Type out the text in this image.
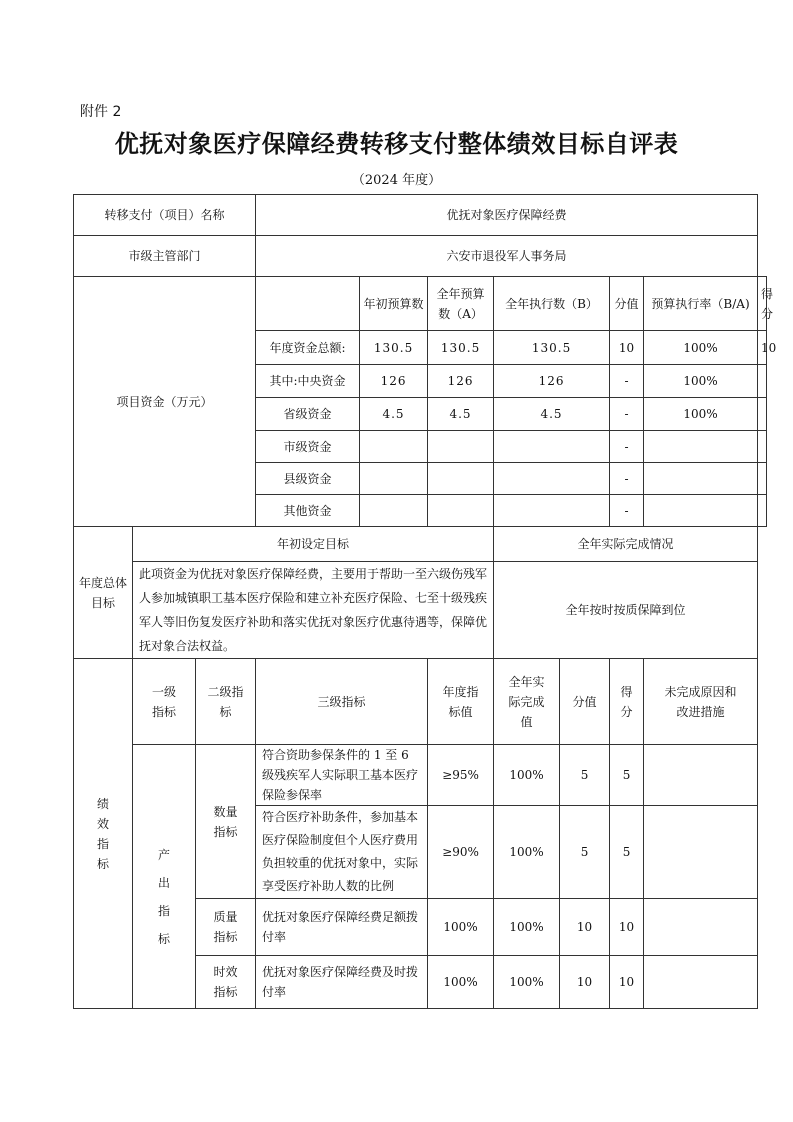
附件 2
优抚对象医疗保障经费转移支付整体绩效目标自评表
（2024 年度）
转移支付（项目）名称			优抚对象医疗保障经费							
市级主管部门			六安市退役军人事务局							
项目资金（万元）				年初预算数	全年预算数（A）	全年执行数（B）		分值	预算执行率（B/A)	得分
			年度资金总额:	130.5	130.5	130.5		10	100%	10
			其中:中央资金	126	126	126		-	100%	
			省级资金	4.5	4.5	4.5		-	100%	
			市级资金					-		
			县级资金					-		
			其他资金					-		
年度总体目标	年初设定目标					全年实际完成情况				
	此项资金为优抚对象医疗保障经费，主要用于帮助一至六级伤残军人参加城镇职工基本医疗保险和建立补充医疗保险、七至十级残疾军人等旧伤复发医疗补助和落实优抚对象医疗优惠待遇等，保障优抚对象合法权益。					全年按时按质保障到位				
绩效指标	一级指标	二级指标	三级指标		年度指标值	全年实际完成值	分值	得分	未完成原因和改进措施	
	产出指标	数量指标	符合资助参保条件的 1 至 6 级残疾军人实际职工基本医疗保险参保率		≥95%	100%	5	5		
			符合医疗补助条件，参加基本医疗保险制度但个人医疗费用负担较重的优抚对象中，实际享受医疗补助人数的比例		≥90%	100%	5	5		
		质量指标	优抚对象医疗保障经费足额拨付率		100%	100%	10	10		
		时效指标	优抚对象医疗保障经费及时拨付率		100%	100%	10	10		
